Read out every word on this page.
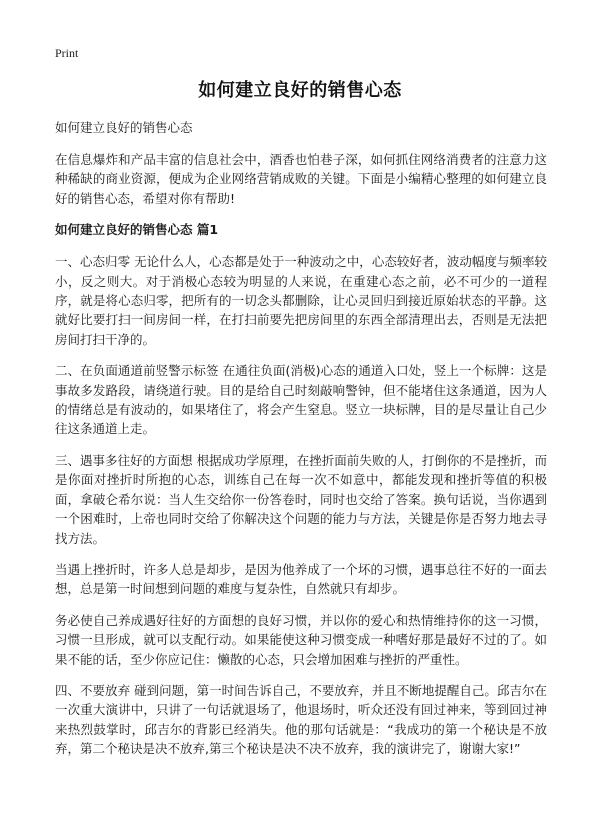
Print
如何建立良好的销售心态

如何建立良好的销售心态

在信息爆炸和产品丰富的信息社会中，酒香也怕巷子深，如何抓住网络消费者的注意力这种稀缺的商业资源，便成为企业网络营销成败的关键。下面是小编精心整理的如何建立良好的销售心态，希望对你有帮助!

如何建立良好的销售心态 篇1

一、心态归零 无论什么人，心态都是处于一种波动之中，心态较好者，波动幅度与频率较小，反之则大。对于消极心态较为明显的人来说，在重建心态之前，必不可少的一道程序，就是将心态归零，把所有的一切念头都删除，让心灵回归到接近原始状态的平静。这就好比要打扫一间房间一样，在打扫前要先把房间里的东西全部清理出去，否则是无法把房间打扫干净的。

二、在负面通道前竖警示标签 在通往负面(消极)心态的通道入口处，竖上一个标牌：这是事故多发路段，请绕道行驶。目的是给自己时刻敲响警钟，但不能堵住这条通道，因为人的情绪总是有波动的，如果堵住了，将会产生窒息。竖立一块标牌，目的是尽量让自己少往这条通道上走。

三、遇事多往好的方面想 根据成功学原理，在挫折面前失败的人，打倒你的不是挫折，而是你面对挫折时所抱的心态，训练自己在每一次不如意中，都能发现和挫折等值的积极面，拿破仑希尔说：当人生交给你一份答卷时，同时也交给了答案。换句话说，当你遇到一个困难时，上帝也同时交给了你解决这个问题的能力与方法，关键是你是否努力地去寻找方法。

当遇上挫折时，许多人总是却步，是因为他养成了一个坏的习惯，遇事总往不好的一面去想，总是第一时间想到问题的难度与复杂性，自然就只有却步。

务必使自己养成遇好往好的方面想的良好习惯，并以你的爱心和热情维持你的这一习惯，习惯一旦形成，就可以支配行动。如果能使这种习惯变成一种嗜好那是最好不过的了。如果不能的话，至少你应记住：懒散的心态，只会增加困难与挫折的严重性。

四、不要放弃 碰到问题，第一时间告诉自己，不要放弃，并且不断地提醒自己。邱吉尔在一次重大演讲中，只讲了一句话就退场了，他退场时，听众还没有回过神来，等到回过神来热烈鼓掌时，邱吉尔的背影已经消失。他的那句话就是：“我成功的第一个秘诀是不放弃，第二个秘诀是决不放弃,第三个秘诀是决不决不放弃，我的演讲完了，谢谢大家!”
